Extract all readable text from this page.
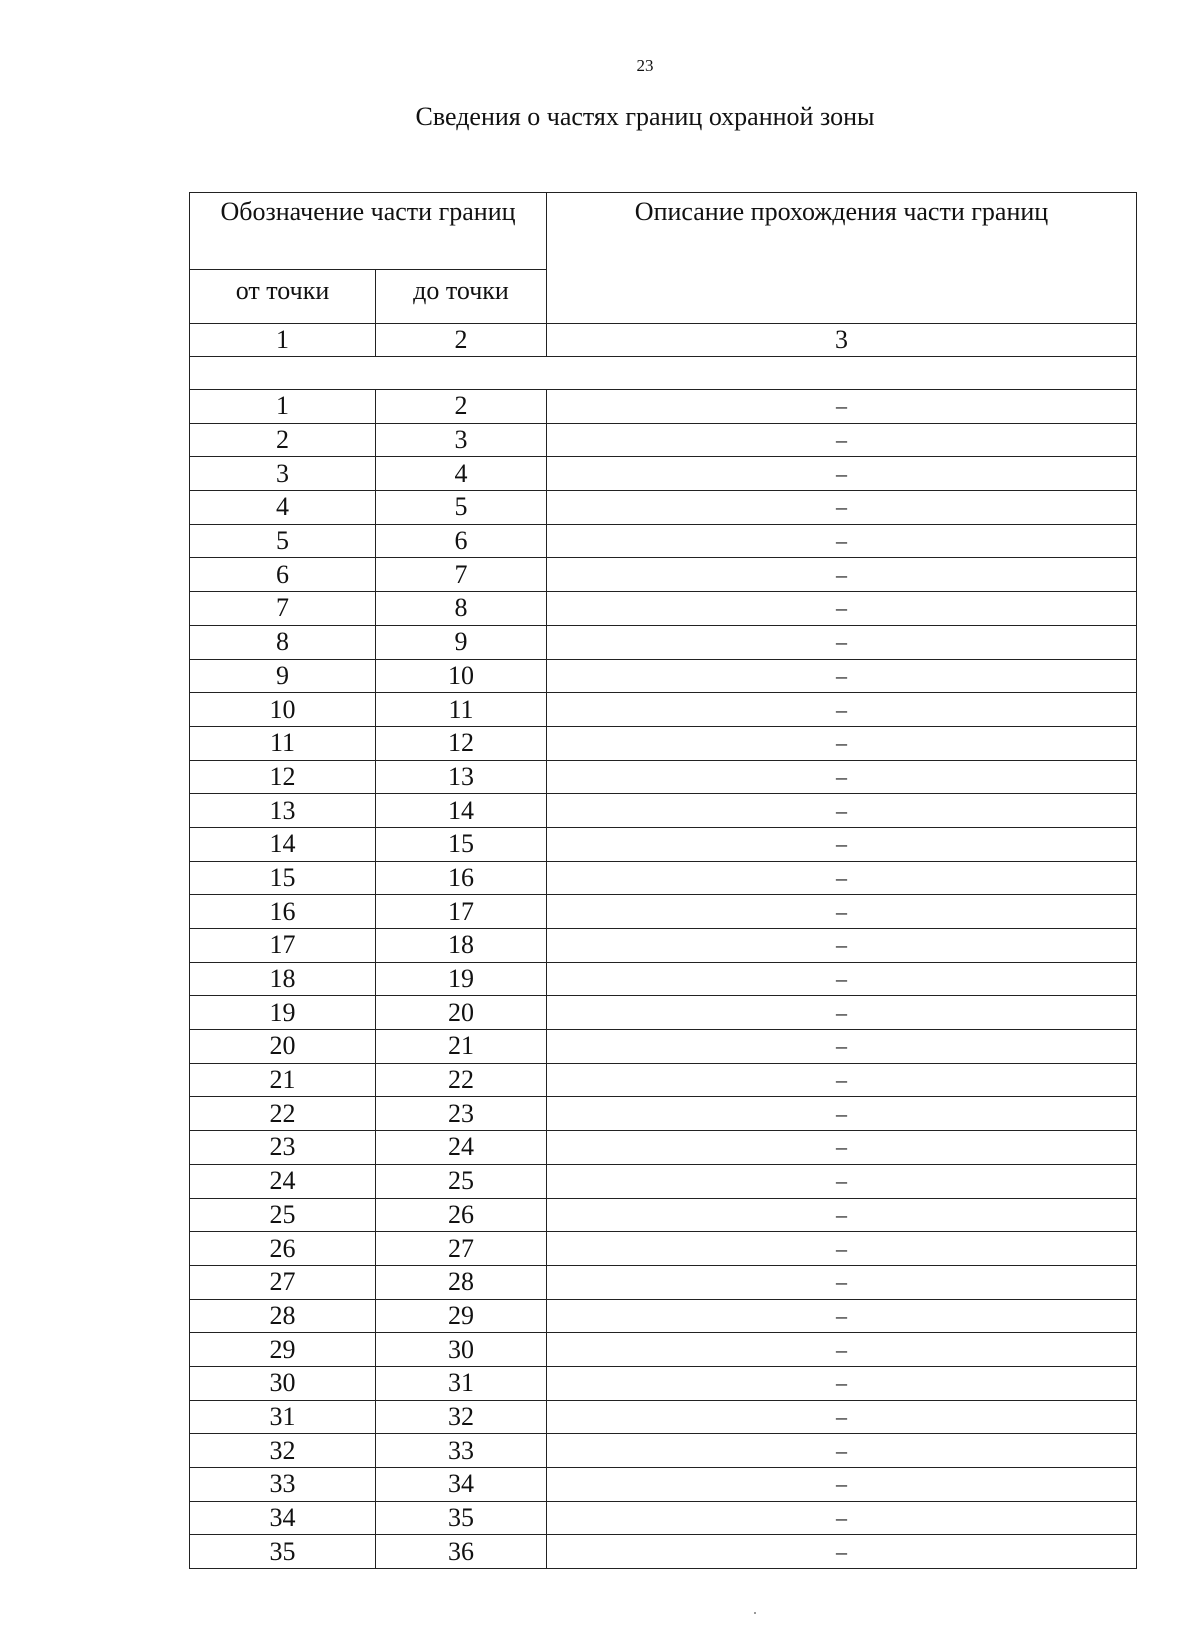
23
Сведения о частях границ охранной зоны
Обозначение части границ		Описание прохождения части границ
от точки	до точки	
1	2	3

1	2	–
2	3	–
3	4	–
4	5	–
5	6	–
6	7	–
7	8	–
8	9	–
9	10	–
10	11	–
11	12	–
12	13	–
13	14	–
14	15	–
15	16	–
16	17	–
17	18	–
18	19	–
19	20	–
20	21	–
21	22	–
22	23	–
23	24	–
24	25	–
25	26	–
26	27	–
27	28	–
28	29	–
29	30	–
30	31	–
31	32	–
32	33	–
33	34	–
34	35	–
35	36	–
